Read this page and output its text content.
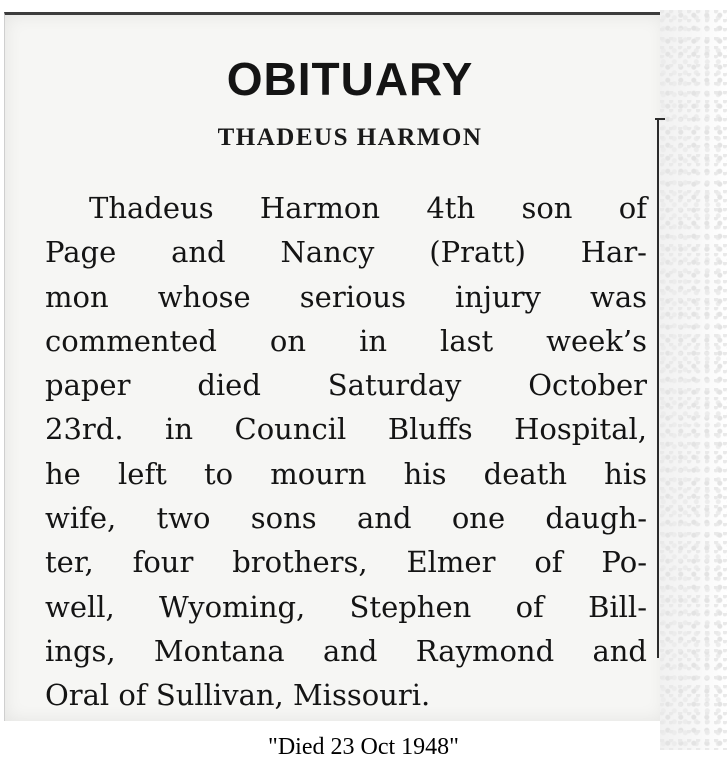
OBITUARY
THADEUS HARMON
Thadeus Harmon 4th son of
Page and Nancy (Pratt) Har-
mon whose serious injury was
commented on in last week’s
paper died Saturday October
23rd. in Council Bluffs Hospital,
he left to mourn his death his
wife, two sons and one daugh-
ter, four brothers, Elmer of Po-
well, Wyoming, Stephen of Bill-
ings, Montana and Raymond and
Oral of Sullivan, Missouri.

"Died 23 Oct 1948"
